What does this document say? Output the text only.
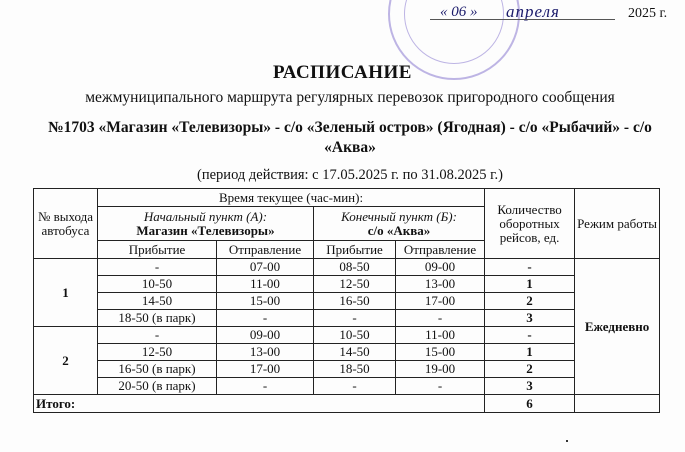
« 06 » апреля	2025 г.
РАСПИСАНИЕ
межмуниципального маршрута регулярных перевозок пригородного сообщения
№1703 «Магазин «Телевизоры» - с/о «Зеленый остров» (Ягодная) - с/о «Рыбачий» - с/о «Аква»
(период действия: с 17.05.2025 г. по 31.08.2025 г.)
№ выхода автобуса	Время текущее (час-мин):				Количество оборотных рейсов, ед.	Режим работы
	Начальный пункт (А):
Магазин «Телевизоры»		Конечный пункт (Б):
с/о «Аква»			
	Прибытие	Отправление	Прибытие	Отправление		
1	-	07-00	08-50	09-00	-	Ежедневно
	10-50	11-00	12-50	13-00	1	
	14-50	15-00	16-50	17-00	2	
	18-50 (в парк)	-	-	-	3	
2	-	09-00	10-50	11-00	-	
	12-50	13-00	14-50	15-00	1	
	16-50 (в парк)	17-00	18-50	19-00	2	
	20-50 (в парк)	-	-	-	3	
Итого:					6	
